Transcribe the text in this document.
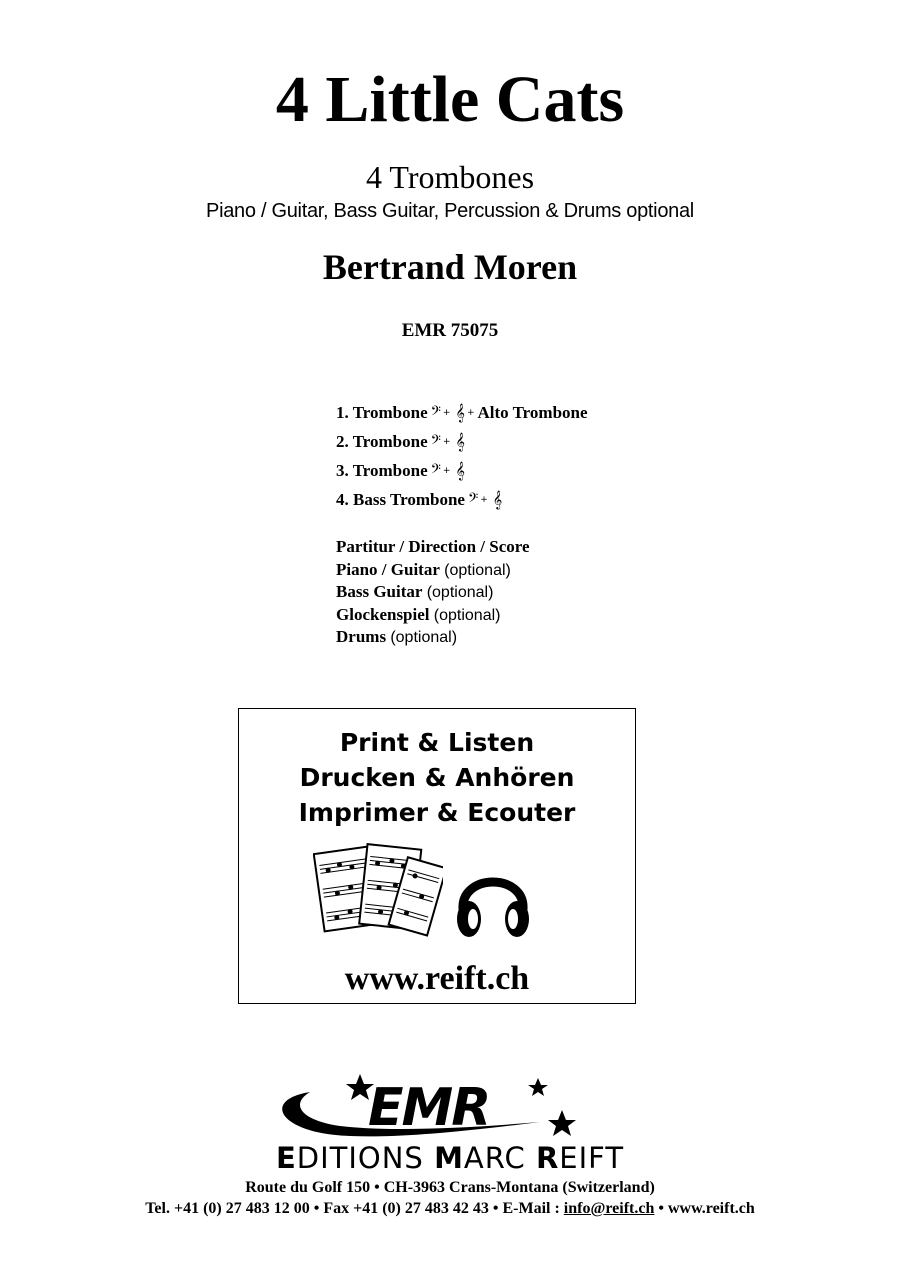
4 Little Cats
4 Trombones
Piano / Guitar, Bass Guitar, Percussion & Drums optional
Bertrand Moren
EMR 75075
1. Trombone 𝄢 + 𝄞 + Alto Trombone
2. Trombone 𝄢 + 𝄞
3. Trombone 𝄢 + 𝄞
4. Bass Trombone 𝄢 + 𝄞
Partitur / Direction / Score
Piano / Guitar (optional)
Bass Guitar (optional)
Glockenspiel (optional)
Drums (optional)
Print & Listen
Drucken & Anhören
Imprimer & Ecouter
www.reift.ch
EMR
EDITIONS MARC REIFT
Route du Golf 150 • CH-3963 Crans-Montana (Switzerland)
Tel. +41 (0) 27 483 12 00 • Fax +41 (0) 27 483 42 43 • E-Mail : info@reift.ch • www.reift.ch
